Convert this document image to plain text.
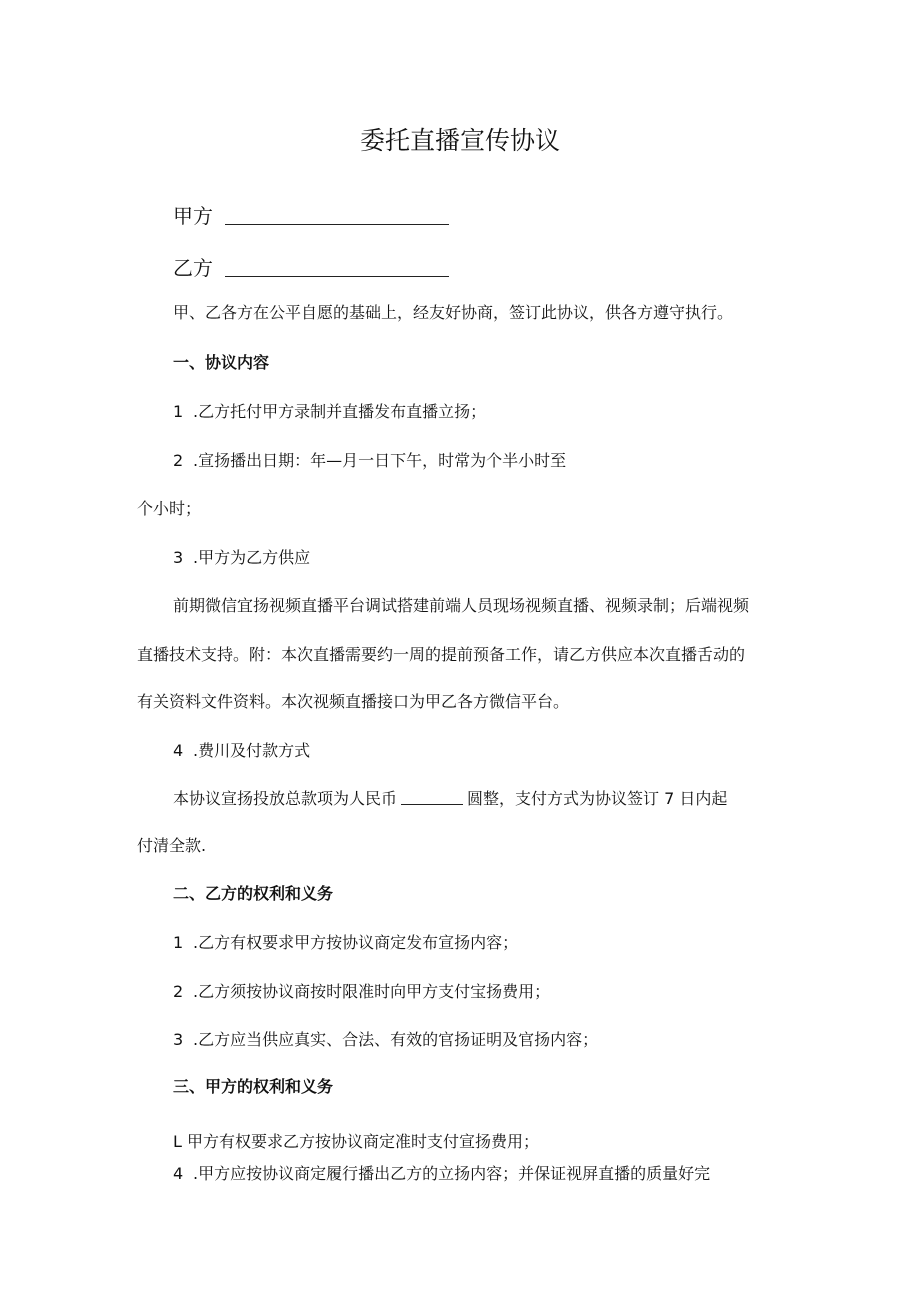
委托直播宣传协议
甲方
乙方
甲、乙各方在公平自愿的基础上，经友好协商，签订此协议，供各方遵守执行。
一、协议内容
1 .乙方托付甲方录制并直播发布直播立扬；
2 .宣扬播出日期：年—月一日下午，时常为个半小时至
个小时；
3 .甲方为乙方供应
前期微信宜扬视频直播平台调试搭建前端人员现场视频直播、视频录制；后端视频
直播技术支持。附：本次直播需要约一周的提前预备工作，请乙方供应本次直播舌动的
有关资料文件资料。本次视频直播接口为甲乙各方微信平台。
4 .费川及付款方式
本协议宣扬投放总款项为人民币	圆整，支付方式为协议签订 7 日内起
付清全款.
二、乙方的权利和义务
1 .乙方有权要求甲方按协议商定发布宣扬内容；
2 .乙方须按协议商按时限准时向甲方支付宝扬费用；
3 .乙方应当供应真实、合法、有效的官扬证明及官扬内容；
三、甲方的权利和义务
L 甲方有权要求乙方按协议商定准时支付宣扬费用；
4 .甲方应按协议商定履行播出乙方的立扬内容；并保证视屏直播的质量好完
